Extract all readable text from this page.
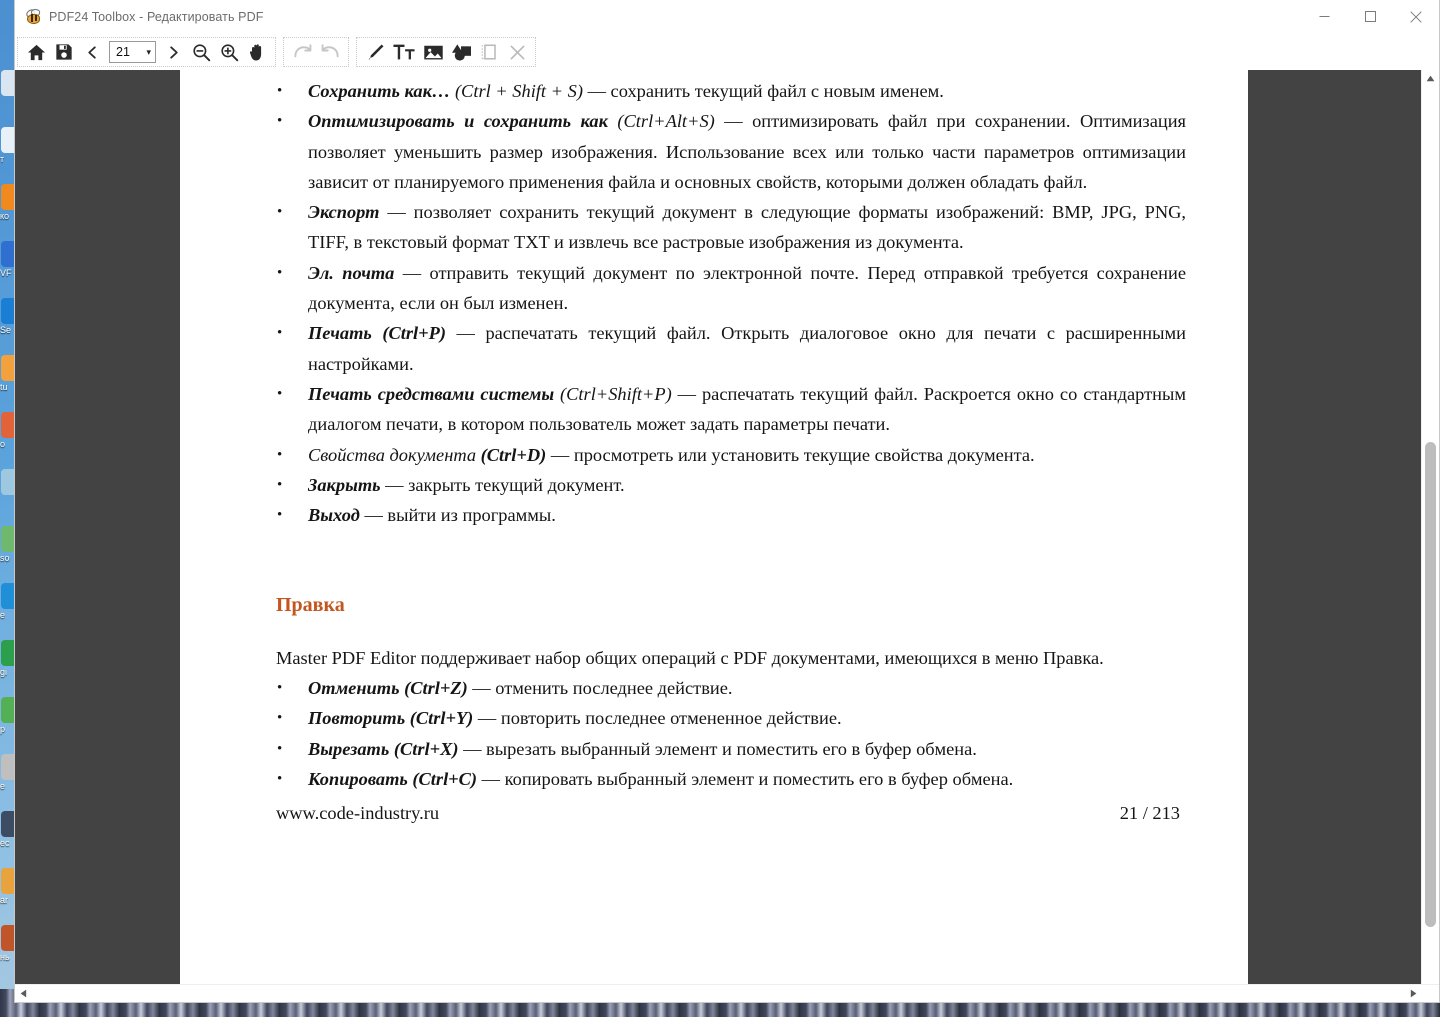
т
ко
VF
Se
tu
o
so
e
gi
p
e
ec
ar
нь
PDF24 Toolbox - Редактировать PDF
21 ▾
•	Сохранить как… (Ctrl + Shift + S) — сохранить текущий файл с новым именем.
•	Оптимизировать и сохранить как (Ctrl+Alt+S) — оптимизировать файл при сохранении. Оптимизация позволяет уменьшить размер изображения. Использование всех или только части параметров оптимизации зависит от планируемого применения файла и основных свойств, которыми должен обладать файл.
•	Экспорт — позволяет сохранить текущий документ в следующие форматы изображений: BMP, JPG, PNG, TIFF, в текстовый формат TXT и извлечь все растровые изображения из документа.
•	Эл. почта — отправить текущий документ по электронной почте. Перед отправкой требуется сохранение документа, если он был изменен.
•	Печать (Ctrl+P) — распечатать текущий файл. Открыть диалоговое окно для печати с расширенными настройками.
•	Печать средствами системы (Ctrl+Shift+P) — распечатать текущий файл. Раскроется окно со стандартным диалогом печати, в котором пользователь может задать параметры печати.
•	Свойства документа (Ctrl+D) — просмотреть или установить текущие свойства документа.
•	Закрыть — закрыть текущий документ.
•	Выход — выйти из программы.
Правка
Master PDF Editor поддерживает набор общих операций с PDF документами, имеющихся в меню Правка.
•	Отменить (Ctrl+Z) — отменить последнее действие.
•	Повторить (Ctrl+Y) — повторить последнее отмененное действие.
•	Вырезать (Ctrl+X) — вырезать выбранный элемент и поместить его в буфер обмена.
•	Копировать (Ctrl+C) — копировать выбранный элемент и поместить его в буфер обмена.
www.code-industry.ru	21 / 213
